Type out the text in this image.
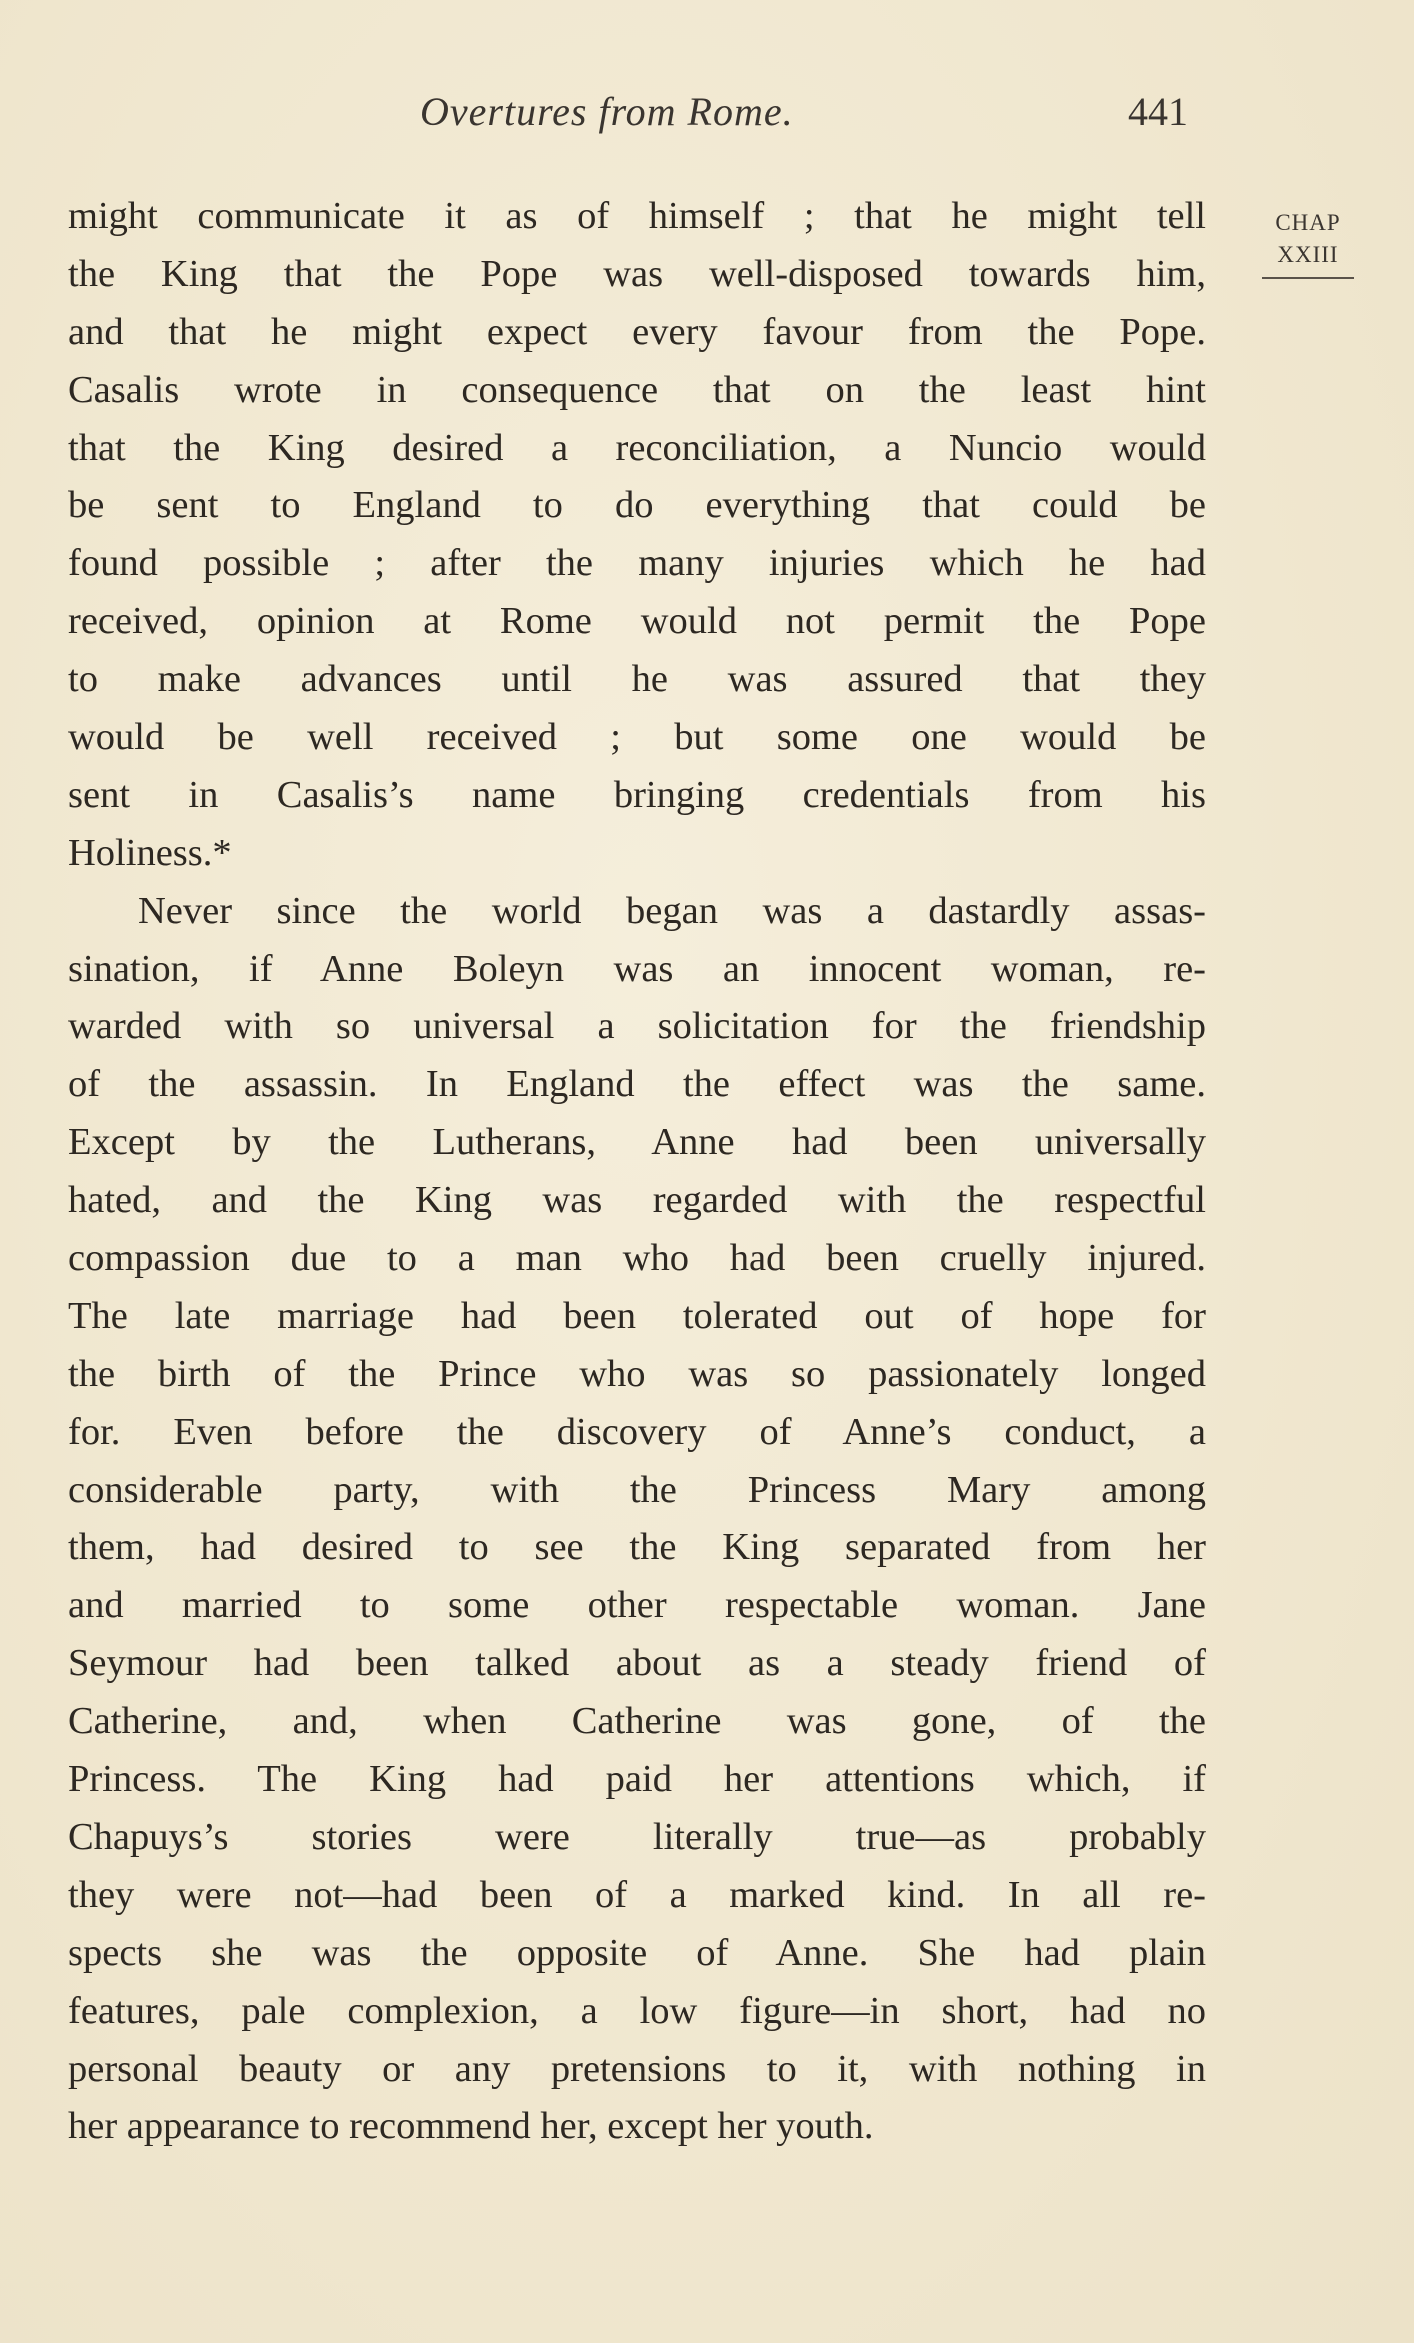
Overtures from Rome.	441
CHAP
XXIII
might communicate it as of himself ; that he might tell
the King that the Pope was well-disposed towards him,
and that he might expect every favour from the Pope.
Casalis wrote in consequence that on the least hint
that the King desired a reconciliation, a Nuncio would
be sent to England to do everything that could be
found possible ; after the many injuries which he had
received, opinion at Rome would not permit the Pope
to make advances until he was assured that they
would be well received ; but some one would be
sent in Casalis’s name bringing credentials from his
Holiness.*
Never since the world began was a dastardly assas-
sination, if Anne Boleyn was an innocent woman, re-
warded with so universal a solicitation for the friendship
of the assassin. In England the effect was the same.
Except by the Lutherans, Anne had been universally
hated, and the King was regarded with the respectful
compassion due to a man who had been cruelly injured.
The late marriage had been tolerated out of hope for
the birth of the Prince who was so passionately longed
for. Even before the discovery of Anne’s conduct, a
considerable party, with the Princess Mary among
them, had desired to see the King separated from her
and married to some other respectable woman. Jane
Seymour had been talked about as a steady friend of
Catherine, and, when Catherine was gone, of the
Princess. The King had paid her attentions which, if
Chapuys’s stories were literally true—as probably
they were not—had been of a marked kind. In all re-
spects she was the opposite of Anne. She had plain
features, pale complexion, a low figure—in short, had no
personal beauty or any pretensions to it, with nothing in
her appearance to recommend her, except her youth.
